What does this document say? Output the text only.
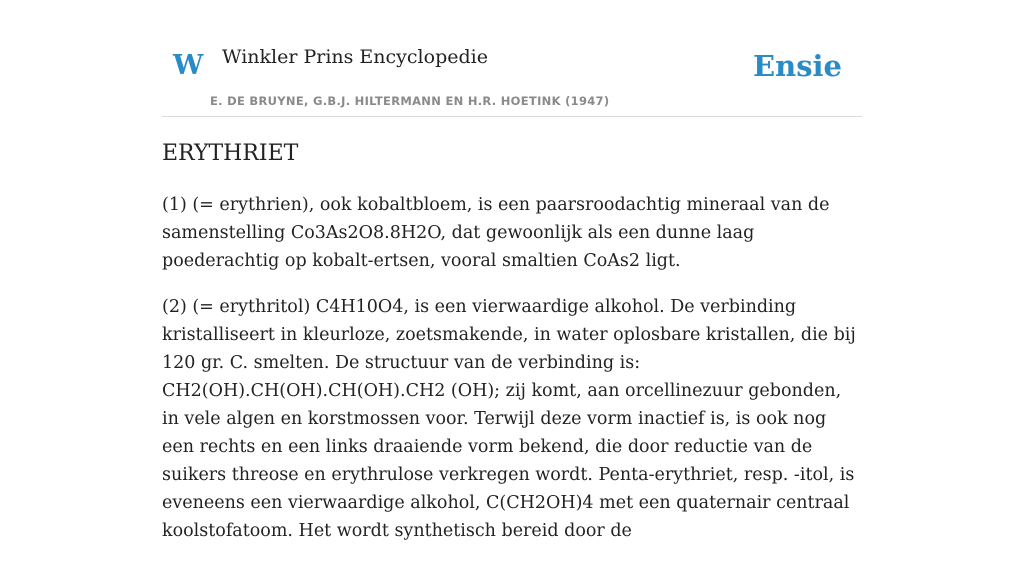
W Winkler Prins Encyclopedie
E. DE BRUYNE, G.B.J. HILTERMANN EN H.R. HOETINK (1947)
Ensie
ERYTHRIET

(1) (= erythrien), ook kobaltbloem, is een paarsroodachtig mineraal van de samenstelling Co3As2O8.8H2O, dat gewoonlijk als een dunne laag poederachtig op kobalt-ertsen, vooral smaltien CoAs2 ligt.

(2) (= erythritol) C4H10O4, is een vierwaardige alkohol. De verbinding kristalliseert in kleurloze, zoetsmakende, in water oplosbare kristallen, die bij 120 gr. C. smelten. De structuur van de verbinding is: CH2(OH).CH(OH).CH(OH).CH2 (OH); zij komt, aan orcellinezuur gebonden, in vele algen en korstmossen voor. Terwijl deze vorm inactief is, is ook nog een rechts en een links draaiende vorm bekend, die door reductie van de suikers threose en erythrulose verkregen wordt. Penta-erythriet, resp. -itol, is eveneens een vierwaardige alkohol, C(CH2OH)4 met een quaternair centraal koolstofatoom. Het wordt synthetisch bereid door de
